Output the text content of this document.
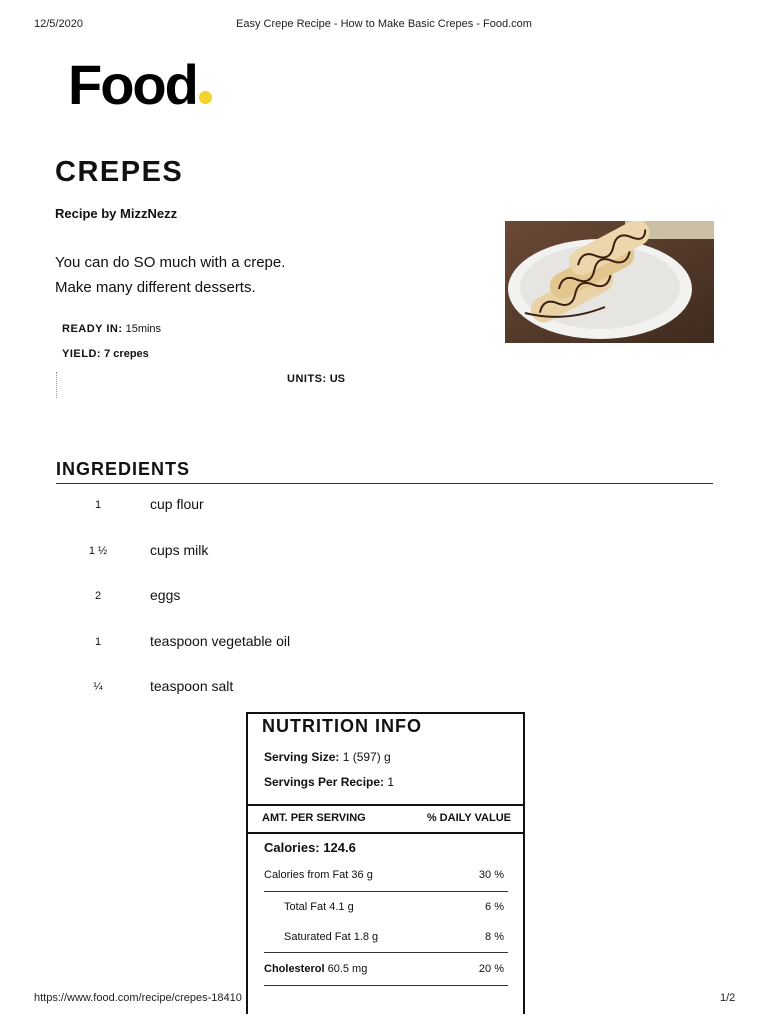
12/5/2020	Easy Crepe Recipe - How to Make Basic Crepes - Food.com
Food
CREPES
Recipe by MizzNezz
You can do SO much with a crepe.
Make many different desserts.
READY IN: 15mins
YIELD: 7 crepes
UNITS: US
INGREDIENTS
1	cup flour
1 ½	cups milk
2	eggs
1	teaspoon vegetable oil
¼	teaspoon salt
NUTRITION INFO
Serving Size: 1 (597) g
Servings Per Recipe: 1
AMT. PER SERVING	% DAILY VALUE
Calories: 124.6
Calories from Fat 36 g	30 %
Total Fat 4.1 g	6 %
Saturated Fat 1.8 g	8 %
Cholesterol 60.5 mg	20 %
https://www.food.com/recipe/crepes-18410	1/2
